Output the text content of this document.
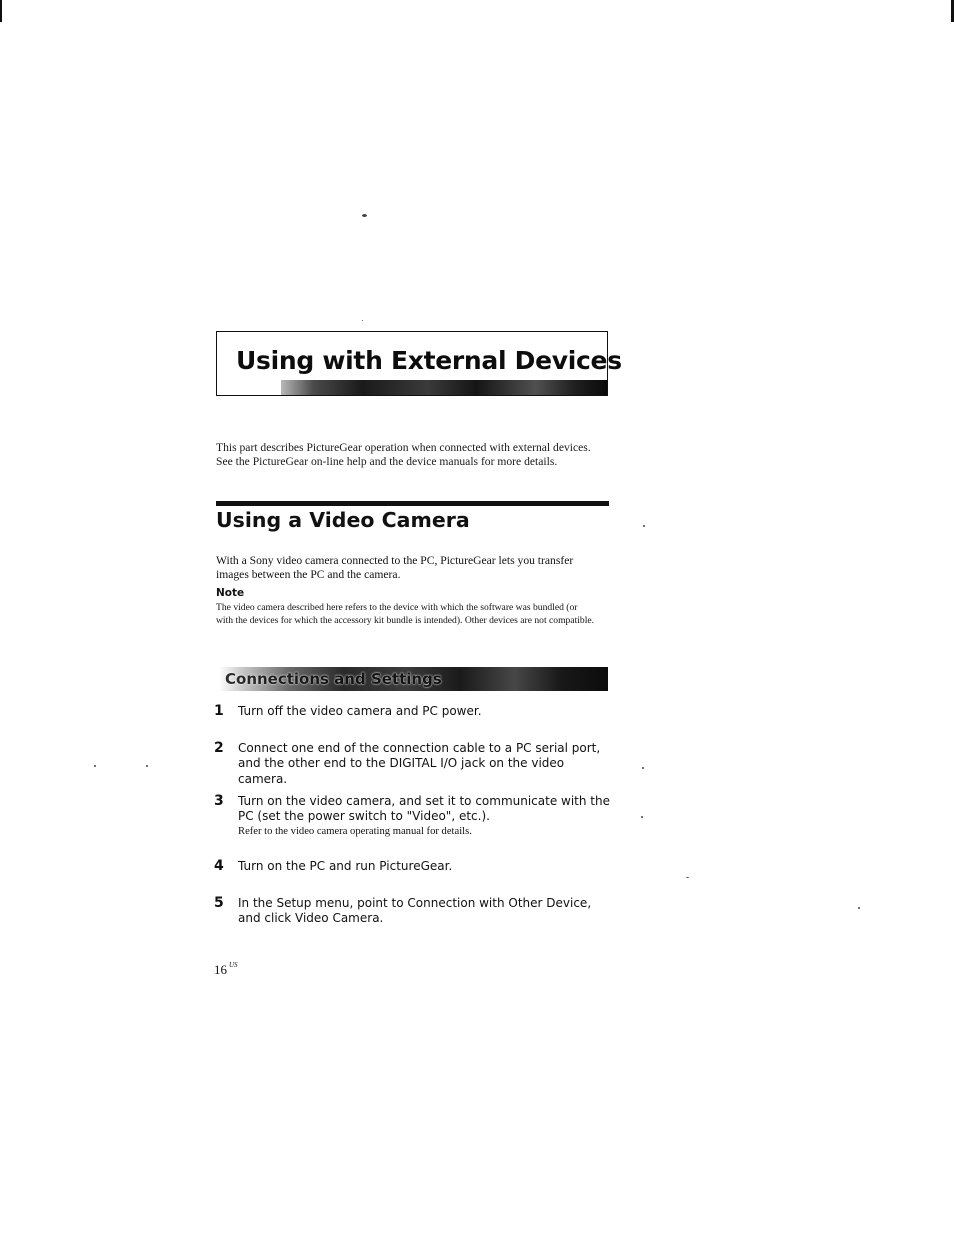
Using with External Devices
This part describes PictureGear operation when connected with external devices. See the PictureGear on-line help and the device manuals for more details.
Using a Video Camera
With a Sony video camera connected to the PC, PictureGear lets you transfer images between the PC and the camera.
Note
The video camera described here refers to the device with which the software was bundled (or with the devices for which the accessory kit bundle is intended). Other devices are not compatible.
Connections and Settings
1 Turn off the video camera and PC power.
2 Connect one end of the connection cable to a PC serial port, and the other end to the DIGITAL I/O jack on the video camera.
3 Turn on the video camera, and set it to communicate with the PC (set the power switch to "Video", etc.).
Refer to the video camera operating manual for details.
4 Turn on the PC and run PictureGear.
5 In the Setup menu, point to Connection with Other Device, and click Video Camera.
16 $^{US}$
